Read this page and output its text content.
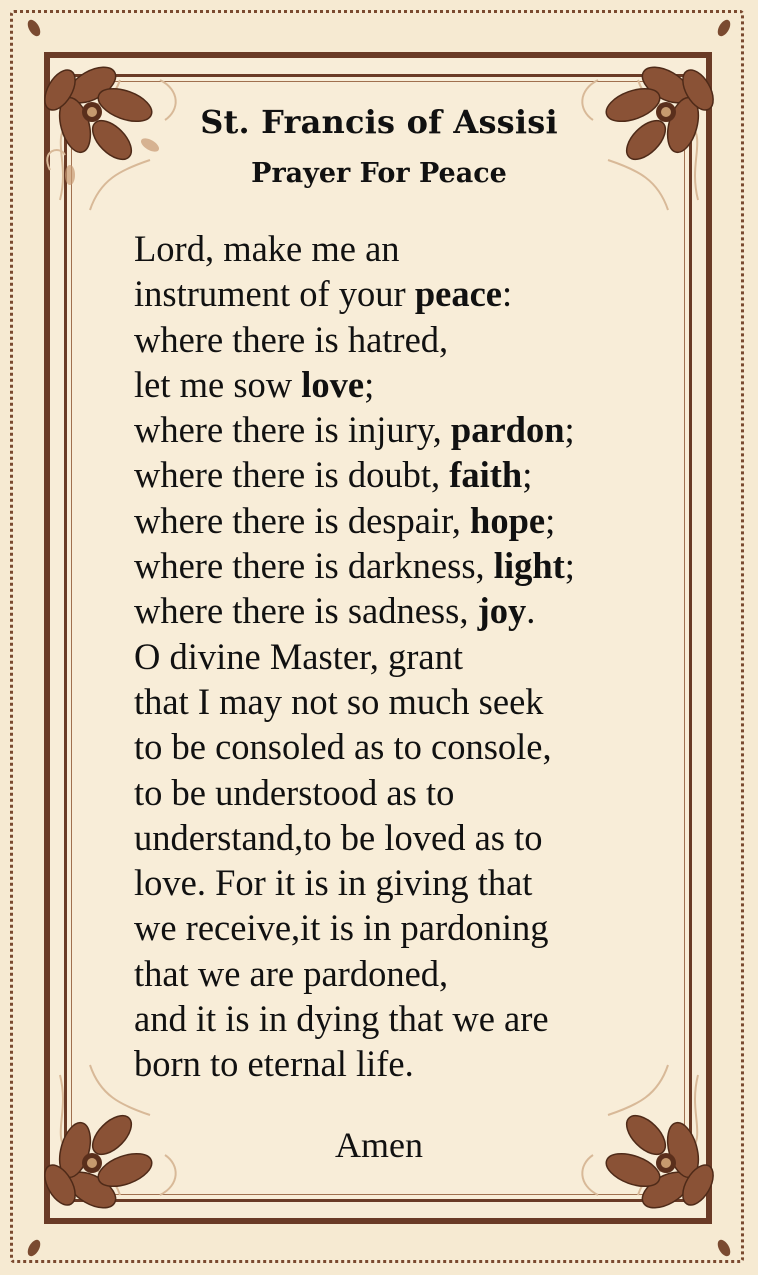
St. Francis of Assisi
Prayer For Peace
Lord, make me an
instrument of your peace:
where there is hatred,
let me sow love;
where there is injury, pardon;
where there is doubt, faith;
where there is despair, hope;
where there is darkness, light;
where there is sadness, joy.
O divine Master, grant
that I may not so much seek
to be consoled as to console,
to be understood as to
understand,to be loved as to
love. For it is in giving that
we receive,it is in pardoning
that we are pardoned,
and it is in dying that we are
born to eternal life.
Amen
